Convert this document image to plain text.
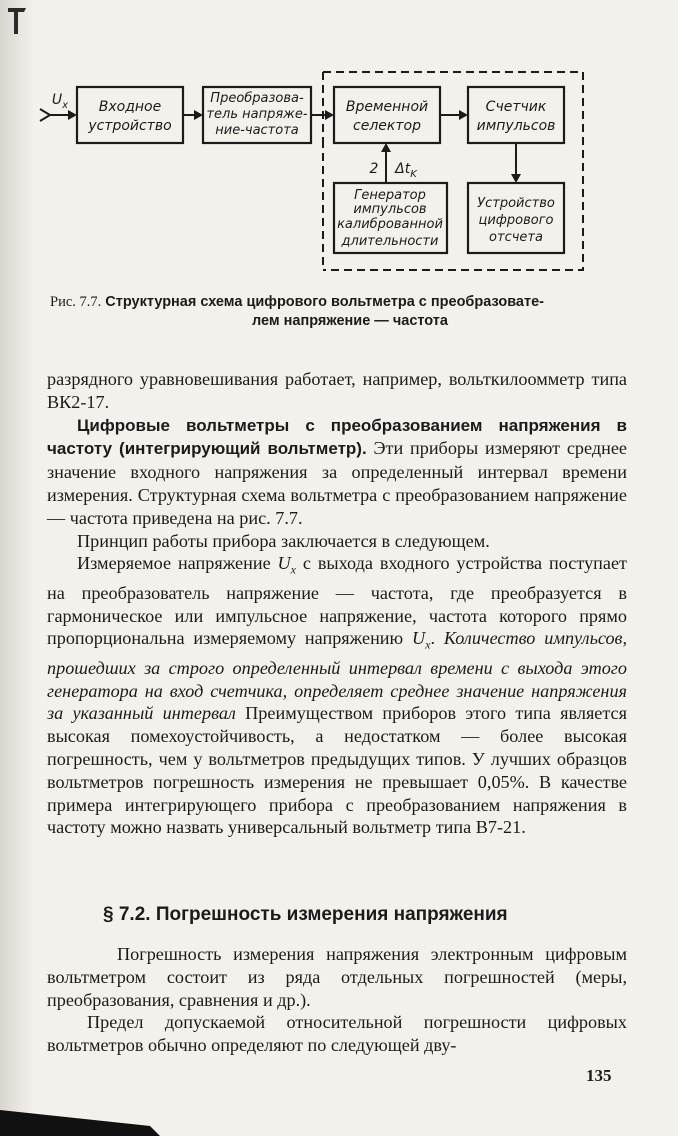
$U_x$ Входное
устройство
Преобразова-
тель напряже-
ние-частота
Временной
селектор
Счетчик
импульсов
Генератор
импульсов
калиброванной
длительности
Устройство
цифрового
отсчета
2 $\Delta t_K$
Рис. 7.7. Структурная схема цифрового вольтметра с преобразовате-
лем напряжение — частота

разрядного уравновешивания работает, например, вольткилоомметр типа ВК2-17.

Цифровые вольтметры с преобразованием напряжения в частоту (интегрирующий вольтметр). Эти приборы измеряют среднее значение входного напряжения за определенный интервал времени измерения. Структурная схема вольтметра с преобразованием напряжение — частота приведена на рис. 7.7.

Принцип работы прибора заключается в следующем.

Измеряемое напряжение $U_x$ с выхода входного устройства поступает на преобразователь напряжение — частота, где преобразуется в гармоническое или импульсное напряжение, частота которого прямо пропорциональна измеряемому напряжению $U_x$. Количество импульсов, прошедших за строго определенный интервал времени с выхода этого генератора на вход счетчика, определяет среднее значение напряжения за указанный интервал Преимуществом приборов этого типа является высокая помехоустойчивость, а недостатком — более высокая погрешность, чем у вольтметров предыдущих типов. У лучших образцов вольтметров погрешность измерения не превышает 0,05%. В качестве примера интегрирующего прибора с преобразованием напряжения в частоту можно назвать универсальный вольтметр типа В7-21.

§ 7.2. Погрешность измерения напряжения

Погрешность измерения напряжения электронным цифровым вольтметром состоит из ряда отдельных погрешностей (меры, преобразования, сравнения и др.).

Предел допускаемой относительной погрешности цифровых вольтметров обычно определяют по следующей дву-

135
